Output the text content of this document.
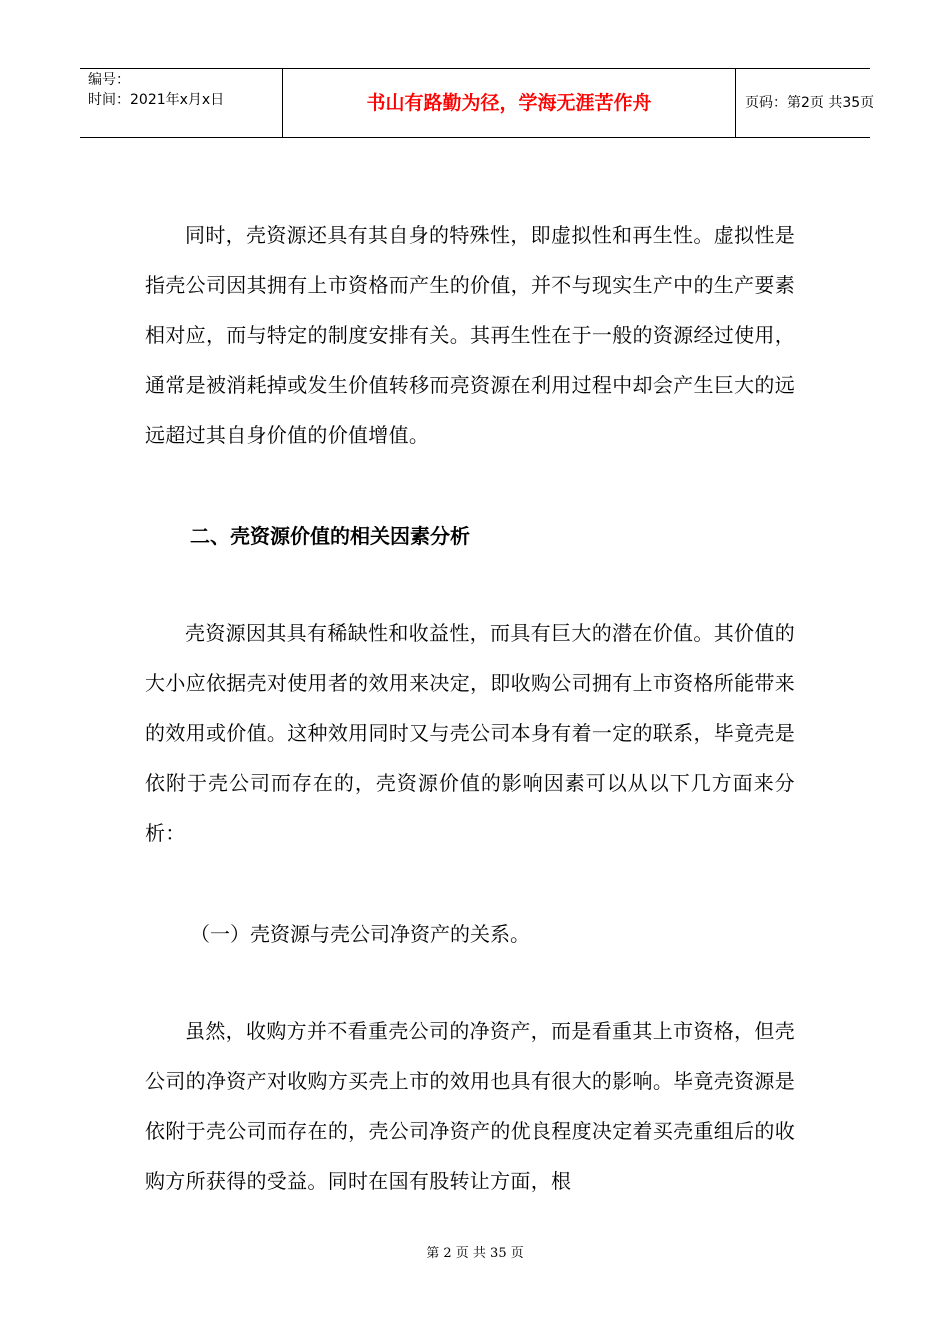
编号：
时间：2021年x月x日	书山有路勤为径，学海无涯苦作舟	页码：第2页 共35页
同时，壳资源还具有其自身的特殊性，即虚拟性和再生性。虚拟性是指壳公司因其拥有上市资格而产生的价值，并不与现实生产中的生产要素相对应，而与特定的制度安排有关。其再生性在于一般的资源经过使用，通常是被消耗掉或发生价值转移而亮资源在利用过程中却会产生巨大的远远超过其自身价值的价值增值。
二、壳资源价值的相关因素分析
壳资源因其具有稀缺性和收益性，而具有巨大的潜在价值。其价值的大小应依据壳对使用者的效用来决定，即收购公司拥有上市资格所能带来的效用或价值。这种效用同时又与壳公司本身有着一定的联系，毕竟壳是依附于壳公司而存在的，壳资源价值的影响因素可以从以下几方面来分析：
（一）壳资源与壳公司净资产的关系。
虽然，收购方并不看重壳公司的净资产，而是看重其上市资格，但壳公司的净资产对收购方买壳上市的效用也具有很大的影响。毕竟壳资源是依附于壳公司而存在的，壳公司净资产的优良程度决定着买壳重组后的收购方所获得的受益。同时在国有股转让方面，根
第 2 页 共 35 页
